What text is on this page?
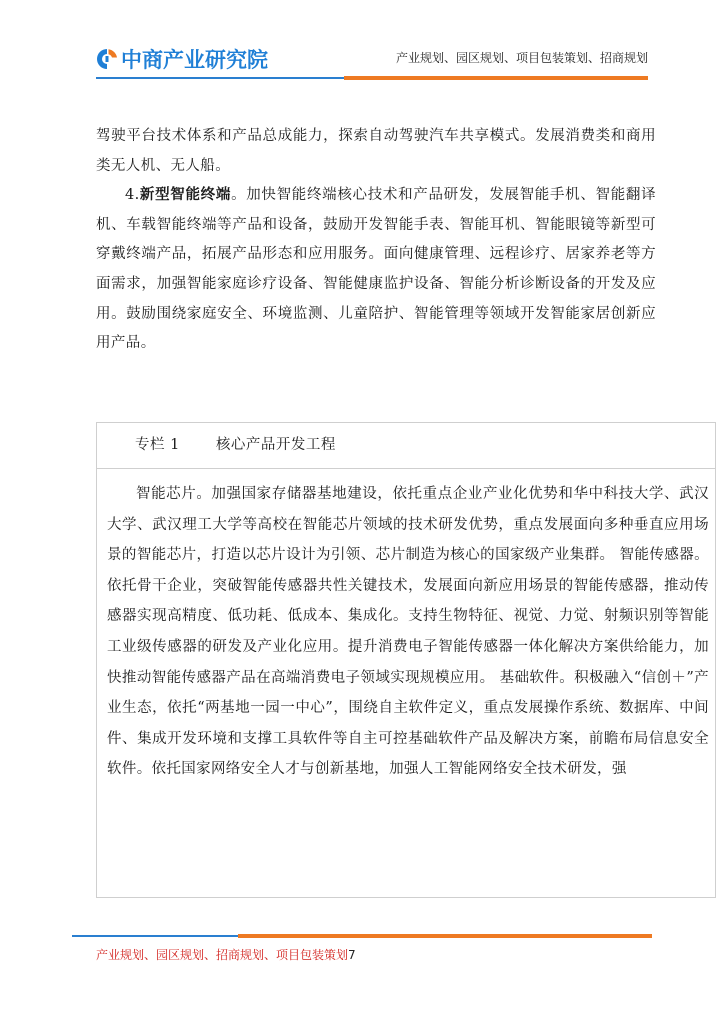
中商产业研究院	产业规划、园区规划、项目包装策划、招商规划

驾驶平台技术体系和产品总成能力，探索自动驾驶汽车共享模式。发展消费类和商用类无人机、无人船。

4.新型智能终端。加快智能终端核心技术和产品研发，发展智能手机、智能翻译机、车载智能终端等产品和设备，鼓励开发智能手表、智能耳机、智能眼镜等新型可穿戴终端产品，拓展产品形态和应用服务。面向健康管理、远程诊疗、居家养老等方面需求，加强智能家庭诊疗设备、智能健康监护设备、智能分析诊断设备的开发及应用。鼓励围绕家庭安全、环境监测、儿童陪护、智能管理等领域开发智能家居创新应用产品。

专栏 1 核心产品开发工程

智能芯片。加强国家存储器基地建设，依托重点企业产业化优势和华中科技大学、武汉大学、武汉理工大学等高校在智能芯片领域的技术研发优势，重点发展面向多种垂直应用场景的智能芯片，打造以芯片设计为引领、芯片制造为核心的国家级产业集群。 智能传感器。依托骨干企业，突破智能传感器共性关键技术，发展面向新应用场景的智能传感器，推动传感器实现高精度、低功耗、低成本、集成化。支持生物特征、视觉、力觉、射频识别等智能工业级传感器的研发及产业化应用。提升消费电子智能传感器一体化解决方案供给能力，加快推动智能传感器产品在高端消费电子领域实现规模应用。 基础软件。积极融入“信创＋”产业生态，依托“两基地一园一中心”，围绕自主软件定义，重点发展操作系统、数据库、中间件、集成开发环境和支撑工具软件等自主可控基础软件产品及解决方案，前瞻布局信息安全软件。依托国家网络安全人才与创新基地，加强人工智能网络安全技术研发，强

产业规划、园区规划、招商规划、项目包装策划7
